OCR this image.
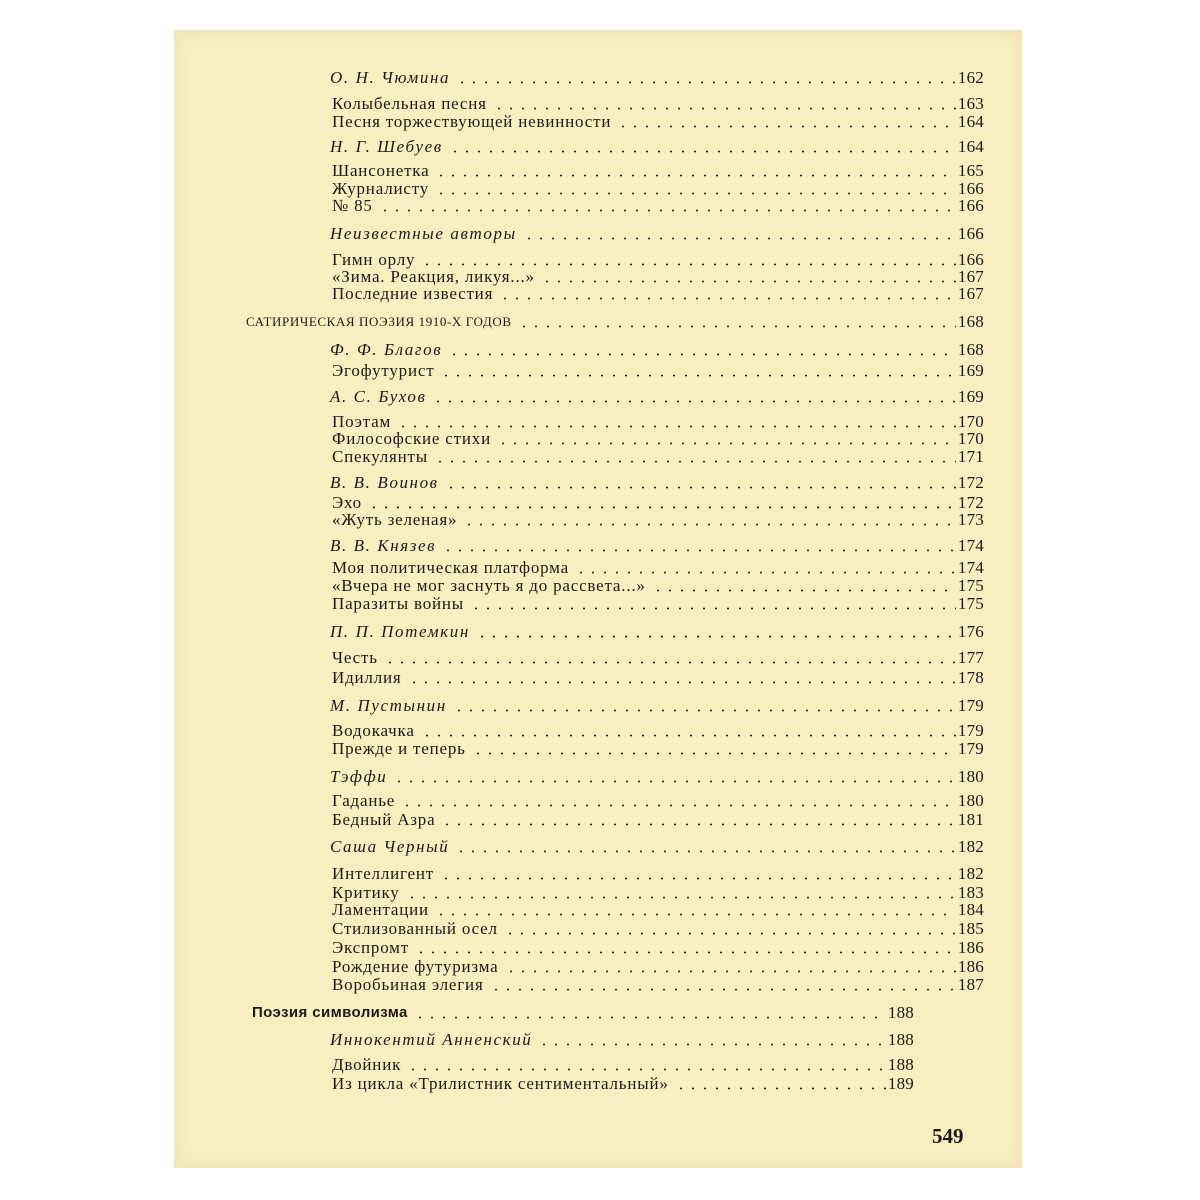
О. Н. Чюмина	162
Колыбельная песня	163
Песня торжествующей невинности	164
Н. Г. Шебуев	164
Шансонетка	165
Журналисту	166
№ 85	166
Неизвестные авторы	166
Гимн орлу	166
«Зима. Реакция, ликуя...»	167
Последние известия	167
САТИРИЧЕСКАЯ ПОЭЗИЯ 1910-Х ГОДОВ	168
Ф. Ф. Благов	168
Эгофутурист	169
А. С. Бухов	169
Поэтам	170
Философские стихи	170
Спекулянты	171
В. В. Воинов	172
Эхо	172
«Жуть зеленая»	173
В. В. Князев	174
Моя политическая платформа	174
«Вчера не мог заснуть я до рассвета...»	175
Паразиты войны	175
П. П. Потемкин	176
Честь	177
Идиллия	178
М. Пустынин	179
Водокачка	179
Прежде и теперь	179
Тэффи	180
Гаданье	180
Бедный Азра	181
Саша Черный	182
Интеллигент	182
Критику	183
Ламентации	184
Стилизованный осел	185
Экспромт	186
Рождение футуризма	186
Воробьиная элегия	187
Поэзия символизма	188
Иннокентий Анненский	188
Двойник	188
Из цикла «Трилистник сентиментальный»	189
549
